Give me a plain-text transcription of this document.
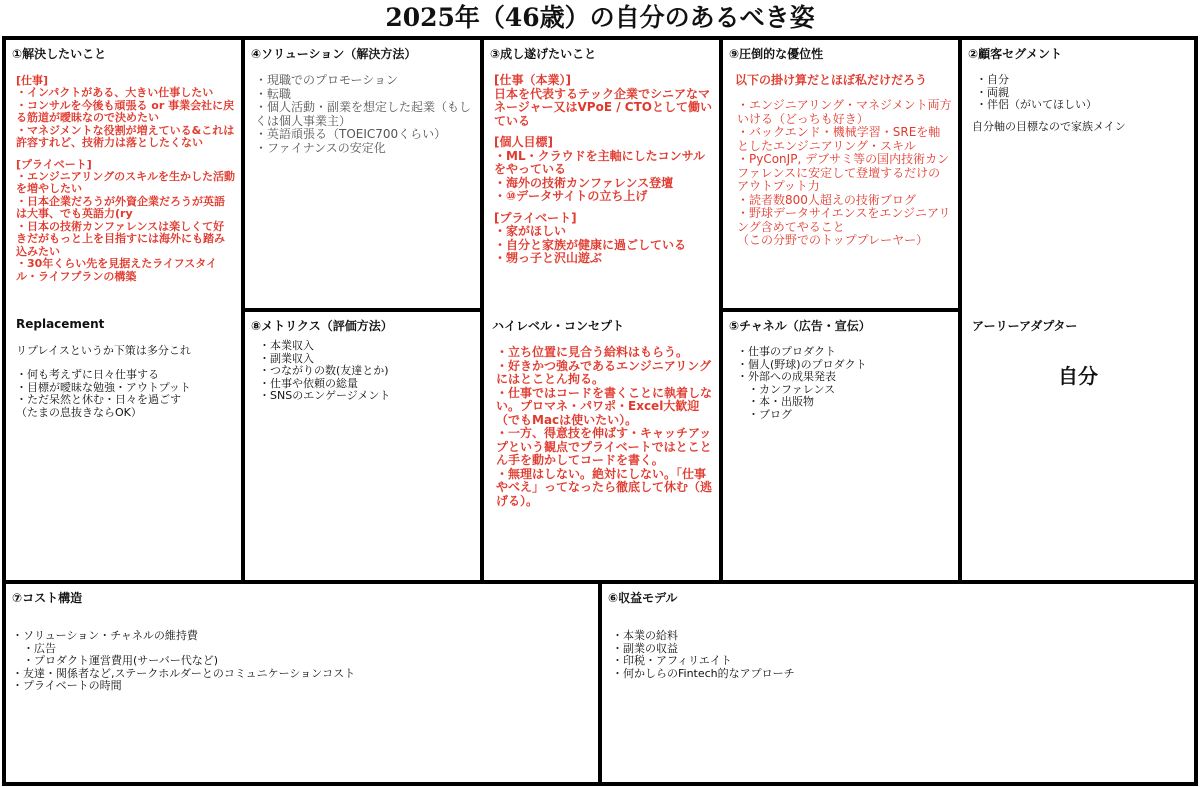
2025年（46歳）の自分のあるべき姿
①解決したいこと
[仕事]
・インパクトがある、大きい仕事したい
・コンサルを今後も頑張る or 事業会社に戻る筋道が曖昧なので決めたい
・マネジメントな役割が増えている&これは許容すれど、技術力は落としたくない
[プライベート]
・エンジニアリングのスキルを生かした活動を増やしたい
・日本企業だろうが外資企業だろうが英語は大事、でも英語力(ry
・日本の技術カンファレンスは楽しくて好きだがもっと上を目指すには海外にも踏み込みたい
・30年くらい先を見据えたライフスタイル・ライフプランの構築
Replacement
リプレイスというか下策は多分これ
・何も考えずに日々仕事する
・目標が曖昧な勉強・アウトプット
・ただ呆然と休む・日々を過ごす
（たまの息抜きならOK）
④ソリューション（解決方法）
・現職でのプロモーション
・転職
・個人活動・副業を想定した起業（もしくは個人事業主）
・英語頑張る（TOEIC700くらい）
・ファイナンスの安定化
⑧メトリクス（評価方法）
・本業収入
・副業収入
・つながりの数(友達とか)
・仕事や依頼の総量
・SNSのエンゲージメント
③成し遂げたいこと
[仕事（本業）]
日本を代表するテック企業でシニアなマネージャー又はVPoE / CTOとして働いている
[個人目標]
・ML・クラウドを主軸にしたコンサルをやっている
・海外の技術カンファレンス登壇
・⑩データサイトの立ち上げ
[プライベート]
・家がほしい
・自分と家族が健康に過ごしている
・甥っ子と沢山遊ぶ
ハイレベル・コンセプト
・立ち位置に見合う給料はもらう。
・好きかつ強みであるエンジニアリングにはとことん拘る。
・仕事ではコードを書くことに執着しない。プロマネ・パワポ・Excel大歓迎（でもMacは使いたい）。
・一方、得意技を伸ばす・キャッチアップという観点でプライベートではとことん手を動かしてコードを書く。
・無理はしない。絶対にしない。「仕事やべえ」ってなったら徹底して休む（逃げる）。
⑨圧倒的な優位性
以下の掛け算だとほぼ私だけだろう
・エンジニアリング・マネジメント両方いける（どっちも好き）
・バックエンド・機械学習・SREを軸としたエンジニアリング・スキル
・PyConJP, デブサミ等の国内技術カンファレンスに安定して登壇するだけのアウトプット力
・読者数800人超えの技術ブログ
・野球データサイエンスをエンジニアリング含めてやること
（この分野でのトッププレーヤー）
⑤チャネル（広告・宣伝）
・仕事のプロダクト
・個人(野球)のプロダクト
・外部への成果発表
　・カンファレンス
　・本・出版物
　・ブログ
②顧客セグメント
・自分
・両親
・伴侶（がいてほしい）
自分軸の目標なので家族メイン
アーリーアダプター
自分
⑦コスト構造
・ソリューション・チャネルの維持費
　・広告
　・プロダクト運営費用(サーバー代など)
・友達・関係者など,ステークホルダーとのコミュニケーションコスト
・プライベートの時間
⑥収益モデル
・本業の給料
・副業の収益
・印税・アフィリエイト
・何かしらのFintech的なアプローチ
